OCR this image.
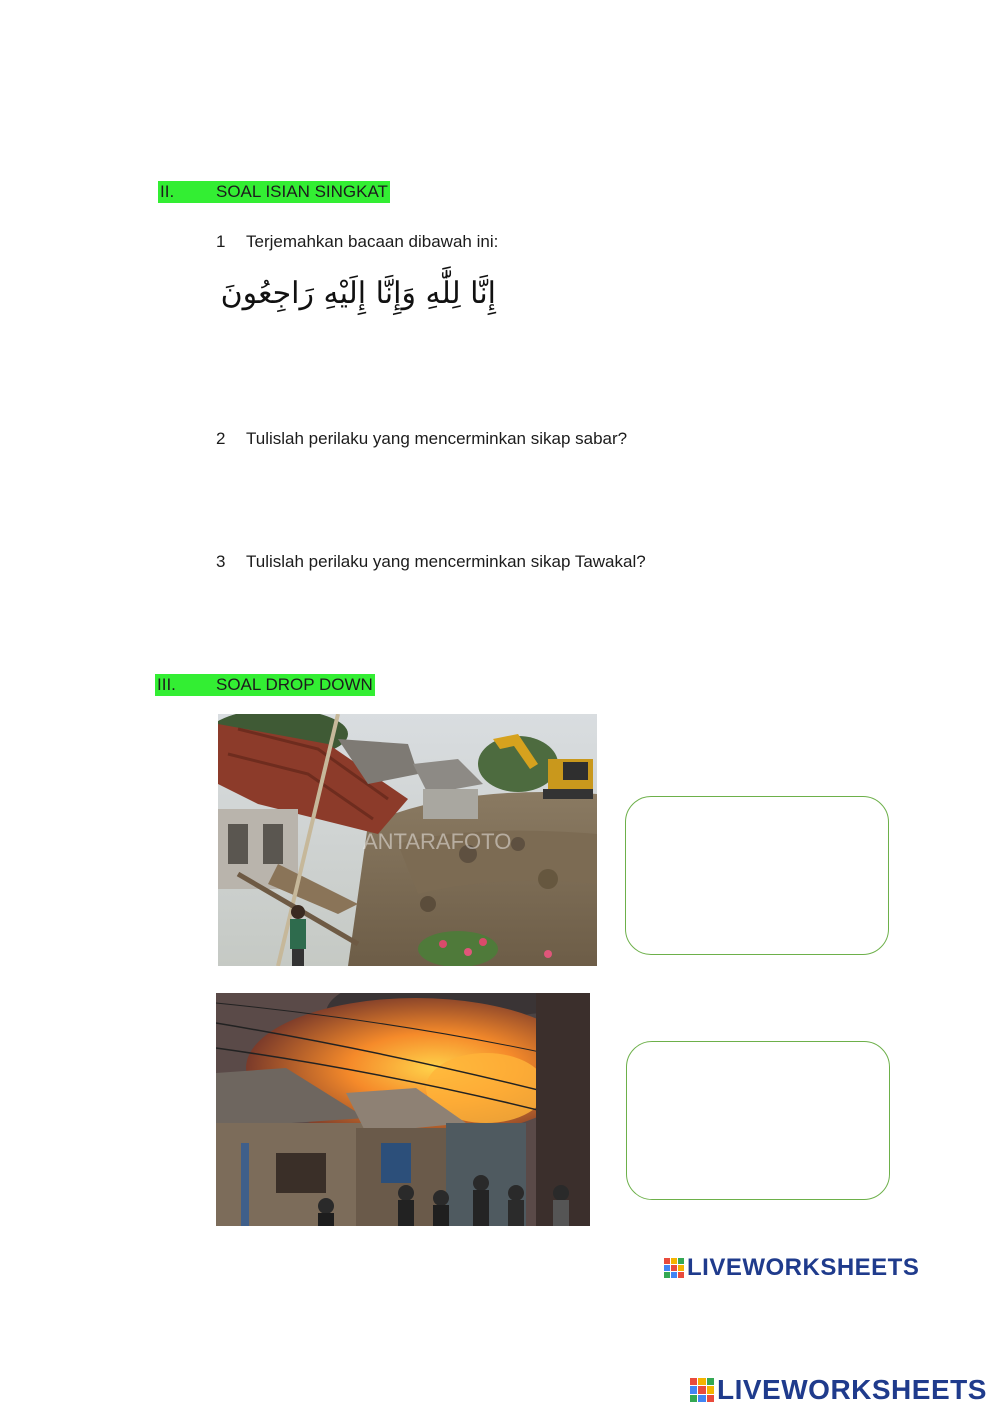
II. SOAL ISIAN SINGKAT
1 Terjemahkan bacaan dibawah ini:
إِنَّا لِلَّٰهِ وَإِنَّا إِلَيْهِ رَاجِعُونَ
2 Tulislah perilaku yang mencerminkan sikap sabar?
3 Tulislah perilaku yang mencerminkan sikap Tawakal?
III. SOAL DROP DOWN
ANTARAFOTO
LIVEWORKSHEETS
LIVEWORKSHEETS
